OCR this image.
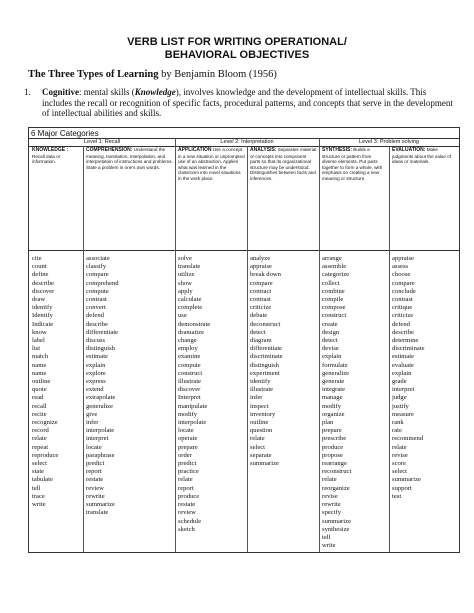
VERB LIST FOR WRITING OPERATIONAL/
BEHAVIORAL OBJECTIVES
The Three Types of Learning by Benjamin Bloom (1956)
1. Cognitive: mental skills (Knowledge), involves knowledge and the development of intellectual skills. This includes the recall or recognition of specific facts, procedural patterns, and concepts that serve in the development of intellectual abilities and skills.
6 Major Categories
Level 1: Recall	Level 2: Interpretation	Level 3: Problem solving
KNOWLEDGE : Recall data or information.
COMPREHENSION: Understand the meaning, translation, interpolation, and interpretation of instructions and problems. State a problem in one's own words.
APPLICATION Use a concept in a new situation or unprompted use of an abstraction. Applies what was learned in the classroom into novel situations in the work place.
ANALYSIS: Separates material or concepts into component parts so that its organizational structure may be understood. Distinguishes between facts and inferences.
SYNTHESIS: Builds a structure or pattern from diverse elements. Put parts together to form a whole, with emphasis on creating a new meaning or structure.
EVALUATION: Make judgments about the value of ideas or materials.
cite
count
define
describe
discover
draw
identify
Identify
Indicate
know
label
list
match
name
name
outline
quote
read
recall
recite
recognize
record
relate
repeat
reproduce
select
state
tabulate
tell
trace
write
associate
classify
compare
comprehend
compute
contrast
convert
defend
describe
differentiate
discuss
distinguish
estimate
explain
explore
express
extend
extrapolate
generalize
give
infer
interpolate
interpret
locate
paraphrase
predict
report
restate
review
rewrite
summarize
translate
solve
translate
utilize
show
apply
calculate
complete
use
demonstrate
dramatize
change
employ
examine
compute
construct
illustrate
discover
Interpret
manipulate
modify
interpolate
locate
operate
prepare
order
predict
practice
relate
report
produce
restate
review
schedule
sketch
analyze
appraise
break down
compare
contract
contrast
criticize
debate
deconstruct
detect
diagram
differentiate
discriminate
distinguish
experiment
identify
illustrate
infer
inspect
inventory
outline
question
relate
select
separate
summarize
arrange
assemble
categorize
collect
combine
compile
compose
construct
create
design
detect
devise
explain
formulate
generalize
generate
integrate
manage
modify
organize
plan
prepare
prescribe
produce
propose
rearrange
reconstruct
relate
reorganize
revise
rewrite
specify
summarize
synthesize
tell
write
appraise
assess
choose
compare
conclude
contrast
critique
criticize
defend
describe
determine
discriminate
estimate
evaluate
explain
grade
interpret
judge
justify
measure
rank
rate
recommend
relate
revise
score
select
summarize
support
test
